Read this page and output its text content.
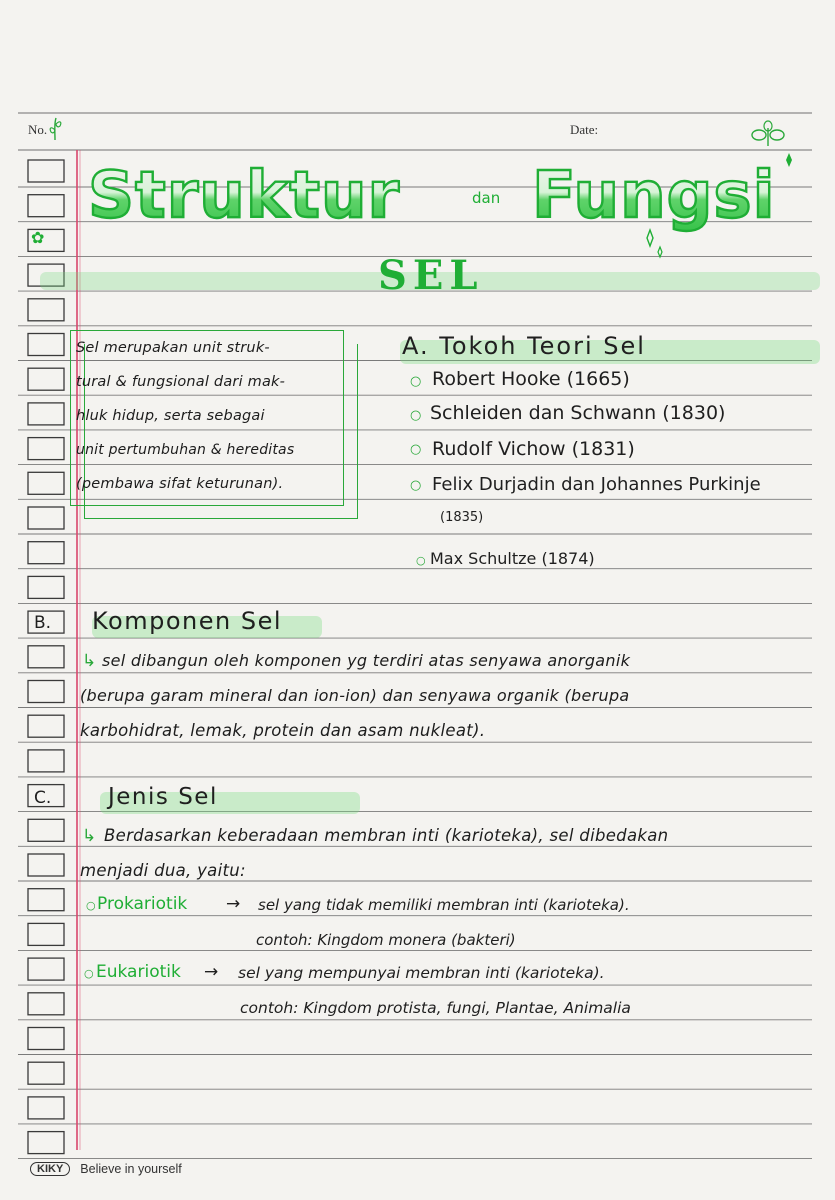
No.	Date:
Struktur	dan Fungsi
SEL
✿
Sel merupakan unit struk-
tural & fungsional dari mak-
hluk hidup, serta sebagai
unit pertumbuhan & hereditas
(pembawa sifat keturunan).
A. Tokoh Teori Sel
○ Robert Hooke (1665)
○ Schleiden dan Schwann (1830)
○ Rudolf Vichow (1831)
○ Felix Durjadin dan Johannes Purkinje
(1835)
○ Max Schultze (1874)
B. Komponen Sel
↳ sel dibangun oleh komponen yg terdiri atas senyawa anorganik
(berupa garam mineral dan ion-ion) dan senyawa organik (berupa
karbohidrat, lemak, protein dan asam nukleat).
C. Jenis Sel
↳ Berdasarkan keberadaan membran inti (karioteka), sel dibedakan
menjadi dua, yaitu:
○ Prokariotik → sel yang tidak memiliki membran inti (karioteka).
contoh: Kingdom monera (bakteri)
○ Eukariotik → sel yang mempunyai membran inti (karioteka).
contoh: Kingdom protista, fungi, Plantae, Animalia
KIKY	Believe in yourself
